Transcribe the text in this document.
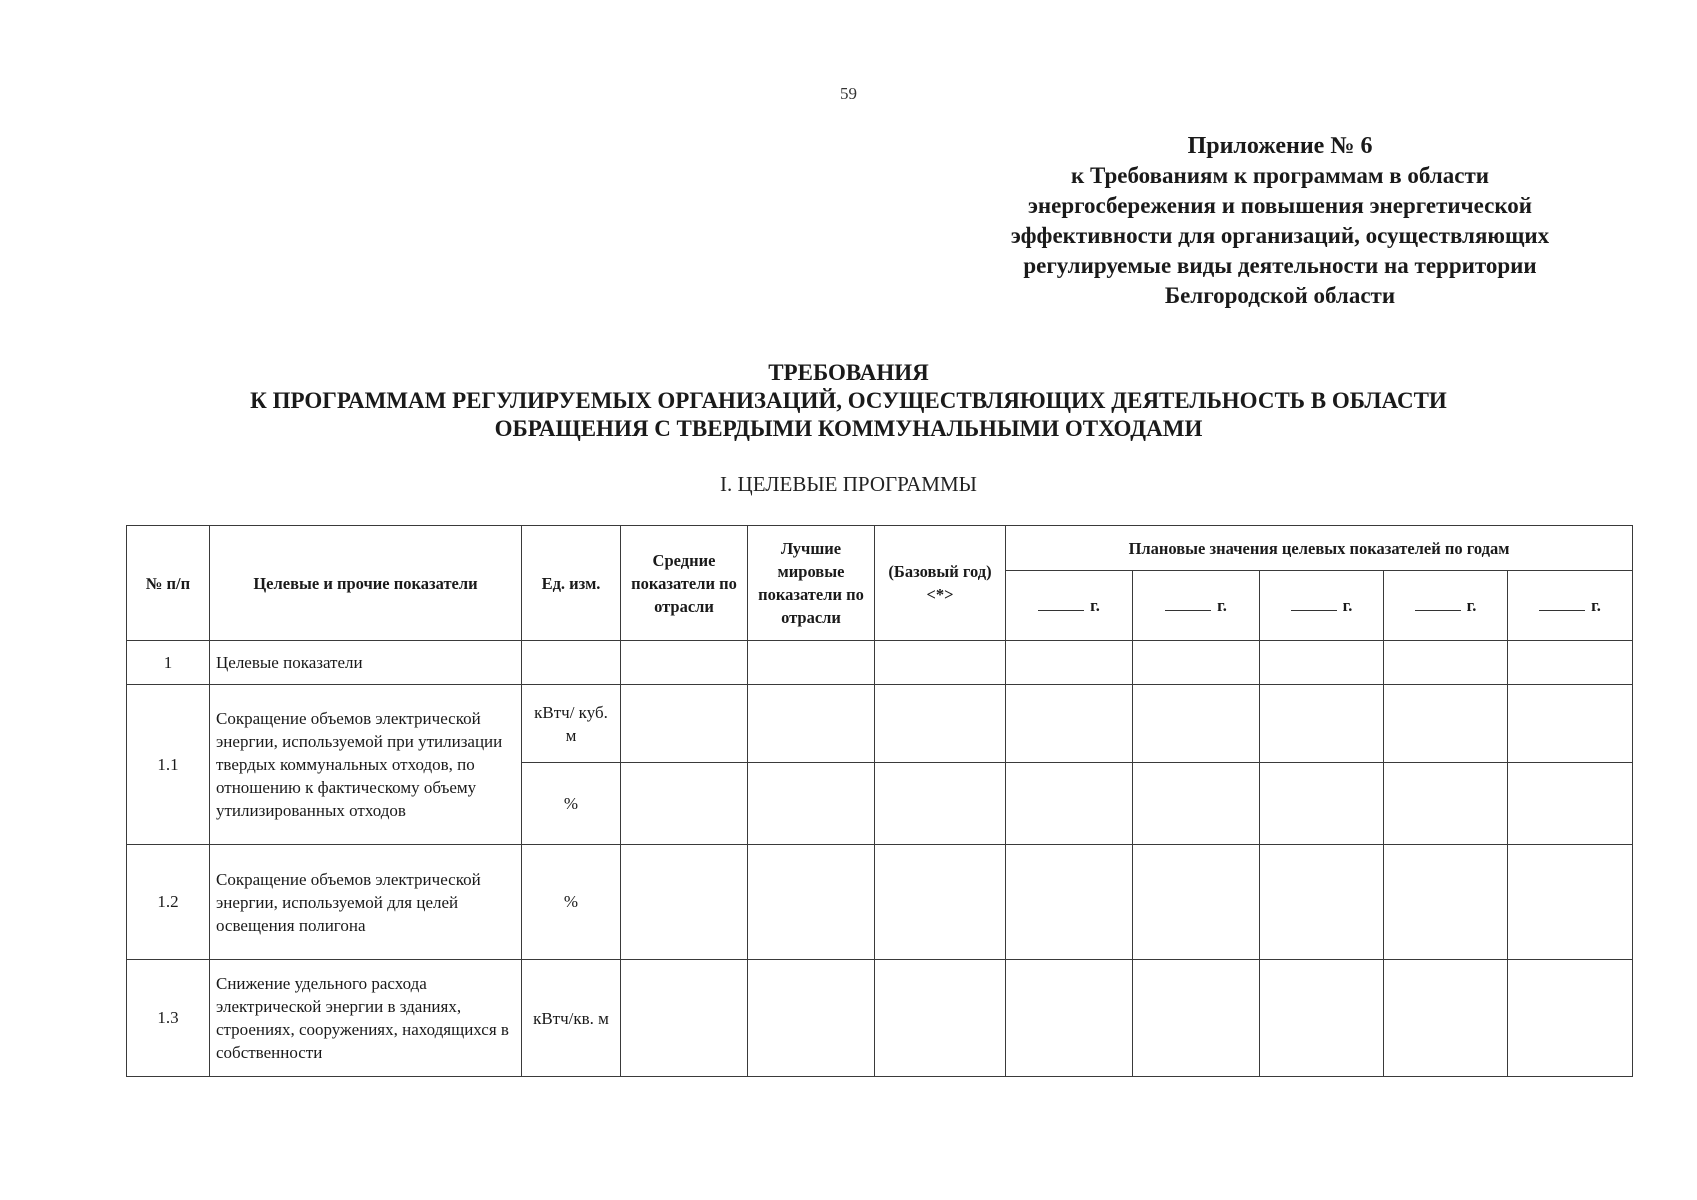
59
Приложение № 6
к Требованиям к программам в области
энергосбережения и повышения энергетической
эффективности для организаций, осуществляющих
регулируемые виды деятельности на территории
Белгородской области
ТРЕБОВАНИЯ
К ПРОГРАММАМ РЕГУЛИРУЕМЫХ ОРГАНИЗАЦИЙ, ОСУЩЕСТВЛЯЮЩИХ ДЕЯТЕЛЬНОСТЬ В ОБЛАСТИ
ОБРАЩЕНИЯ С ТВЕРДЫМИ КОММУНАЛЬНЫМИ ОТХОДАМИ
I. ЦЕЛЕВЫЕ ПРОГРАММЫ
№ п/п	Целевые и прочие показатели	Ед. изм.	Средние показатели по отрасли	Лучшие мировые показатели по отрасли	(Базовый год) <*>	Плановые значения целевых показателей по годам				
						г.	г.	г.	г.	г.
1	Целевые показатели									
1.1	Сокращение объемов электрической энергии, используемой при утилизации твердых коммунальных отходов, по отношению к фактическому объему утилизированных отходов	кВтч/ куб. м								
		%								
1.2	Сокращение объемов электрической энергии, используемой для целей освещения полигона	%								
1.3	Снижение удельного расхода электрической энергии в зданиях, строениях, сооружениях, находящихся в собственности	кВтч/кв. м								
